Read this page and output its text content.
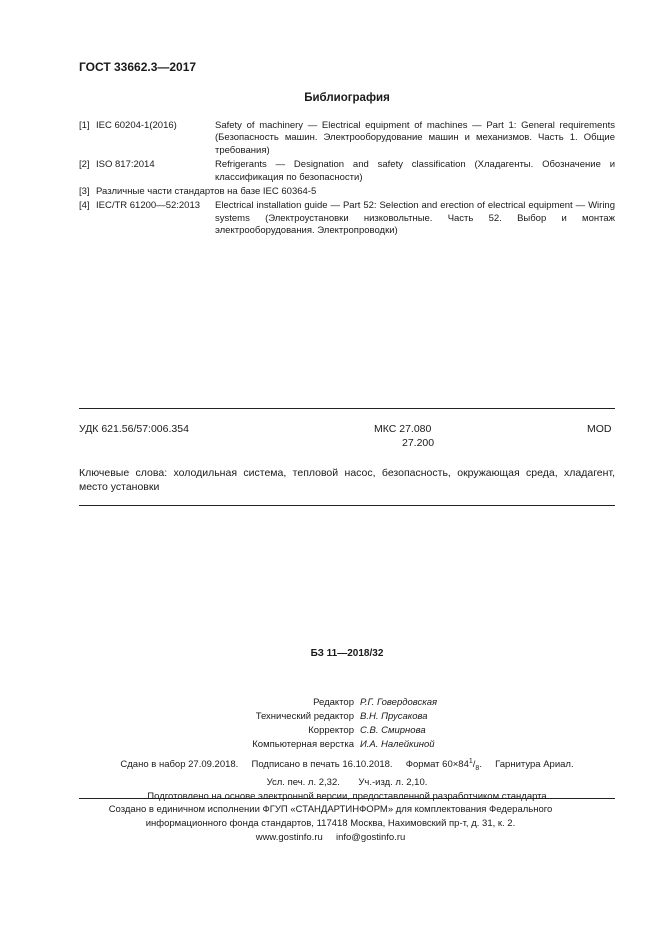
ГОСТ 33662.3—2017
Библиография
[1] IEC 60204-1(2016)	Safety of machinery — Electrical equipment of machines — Part 1: General requirements (Безопасность машин. Электрооборудование машин и механизмов. Часть 1. Общие требования)
[2] ISO 817:2014	Refrigerants — Designation and safety classification (Хладагенты. Обозначение и классификация по безопасности)
[3] Различные части стандартов на базе IEC 60364-5
[4] IEC/TR 61200—52:2013 Electrical installation guide — Part 52: Selection and erection of electrical equipment — Wiring systems (Электроустановки низковольтные. Часть 52. Выбор и монтаж электрооборудования. Электропроводки)
УДК 621.56/57:006.354	МКС 27.080
27.200
MOD
Ключевые слова: холодильная система, тепловой насос, безопасность, окружающая среда, хладагент, место установки
БЗ 11—2018/32
Редактор Р.Г. Говердовская
Технический редактор В.Н. Прусакова
Корректор С.В. Смирнова
Компьютерная верстка И.А. Налейкиной
Сдано в набор 27.09.2018. Подписано в печать 16.10.2018. Формат $60\times 84^1/_8$. Гарнитура Ариал.
Усл. печ. л. 2,32. Уч.-изд. л. 2,10.
Подготовлено на основе электронной версии, предоставленной разработчиком стандарта
Создано в единичном исполнении ФГУП «СТАНДАРТИНФОРМ» для комплектования Федерального
информационного фонда стандартов, 117418 Москва, Нахимовский пр-т, д. 31, к. 2.
www.gostinfo.ru info@gostinfo.ru
